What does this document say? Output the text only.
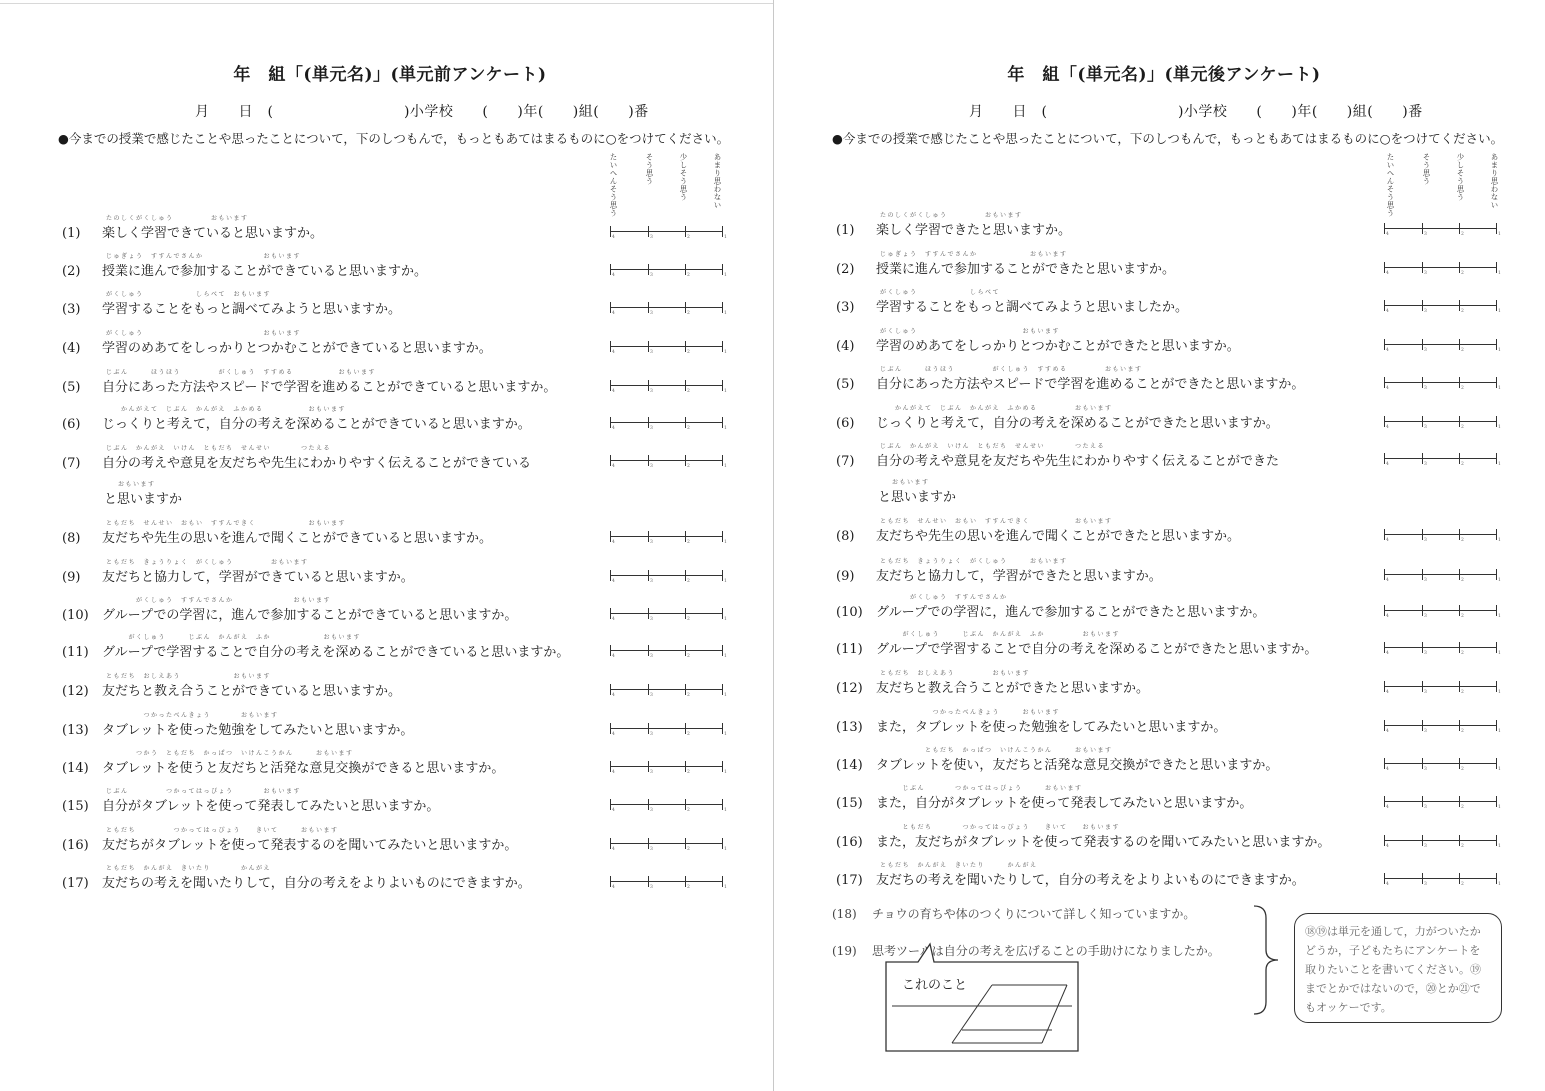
年　組「(単元名)」(単元前アンケート)
月　　日　(　　　　　　　　　)小学校　　(　　)年(　　)組(　　)番
●今までの授業で感じたことや思ったことについて，下のしつもんで，もっともあてはまるものに○をつけてください。
たいへんそう思う	そう思う	少しそう思う	あまり思わない
たのしくがくしゅう　　　　　おもいます
(1) 楽しく学習できていると思いますか。	4	3	2	1
じゅぎょう　すすんでさんか　　　　　　　　おもいます
(2) 授業に進んで参加することができていると思いますか。	4	3	2	1
がくしゅう　　　　　　　しらべて　おもいます
(3) 学習することをもっと調べてみようと思いますか。	4	3	2	1
がくしゅう　　　　　　　　　　　　　　　　おもいます
(4) 学習のめあてをしっかりとつかむことができていると思いますか。	4	3	2	1
じぶん　　　ほうほう　　　　　がくしゅう　すすめる　　　　　　おもいます
(5) 自分にあった方法やスピードで学習を進めることができていると思いますか。	4	3	2	1
　　かんがえて　じぶん　かんがえ　ふかめる　　　　　　おもいます
(6) じっくりと考えて，自分の考えを深めることができていると思いますか。	4	3	2	1
じぶん　かんがえ　いけん　ともだち　せんせい　　　　つたえる
(7) 自分の考えや意見を友だちや先生にわかりやすく伝えることができている
おもいます
と思いますか
4	3	2	1
ともだち　せんせい　おもい　すすんできく　　　　　　　おもいます
(8) 友だちや先生の思いを進んで聞くことができていると思いますか。	4	3	2	1
ともだち　きょうりょく　がくしゅう　　　　　おもいます
(9) 友だちと協力して，学習ができていると思いますか。	4	3	2	1
　　　　がくしゅう　すすんでさんか　　　　　　　　おもいます
(10) グループでの学習に，進んで参加することができていると思いますか。	4	3	2	1
　　　がくしゅう　　　じぶん　かんがえ　ふか　　　　　　　おもいます
(11) グループで学習することで自分の考えを深めることができていると思いますか。	4	3	2	1
ともだち　おしえあう　　　　　　　おもいます
(12) 友だちと教え合うことができていると思いますか。	4	3	2	1
　　　　　つかったべんきょう　　　　おもいます
(13) タブレットを使った勉強をしてみたいと思いますか。	4	3	2	1
　　　　つかう　ともだち　かっぱつ　いけんこうかん　　　おもいます
(14) タブレットを使うと友だちと活発な意見交換ができると思いますか。	4	3	2	1
じぶん　　　　　つかってはっぴょう　　　　おもいます
(15) 自分がタブレットを使って発表してみたいと思いますか。	4	3	2	1
ともだち　　　　　つかってはっぴょう　　きいて　　　おもいます
(16) 友だちがタブレットを使って発表するのを聞いてみたいと思いますか。	4	3	2	1
ともだち　かんがえ　きいたり　　　　かんがえ
(17) 友だちの考えを聞いたりして，自分の考えをよりよいものにできますか。	4	3	2	1
年　組「(単元名)」(単元後アンケート)
月　　日　(　　　　　　　　　)小学校　　(　　)年(　　)組(　　)番
●今までの授業で感じたことや思ったことについて，下のしつもんで，もっともあてはまるものに○をつけてください。
たいへんそう思う	そう思う	少しそう思う	あまり思わない
たのしくがくしゅう　　　　　おもいます
(1) 楽しく学習できたと思いますか。	4	3	2	1
じゅぎょう　すすんでさんか　　　　　　　おもいます
(2) 授業に進んで参加することができたと思いますか。	4	3	2	1
がくしゅう　　　　　　　しらべて
(3) 学習することをもっと調べてみようと思いましたか。	4	3	2	1
がくしゅう　　　　　　　　　　　　　　おもいます
(4) 学習のめあてをしっかりとつかむことができたと思いますか。	4	3	2	1
じぶん　　　ほうほう　　　　　がくしゅう　すすめる　　　　　おもいます
(5) 自分にあった方法やスピードで学習を進めることができたと思いますか。	4	3	2	1
　　かんがえて　じぶん　かんがえ　ふかめる　　　　　おもいます
(6) じっくりと考えて，自分の考えを深めることができたと思いますか。	4	3	2	1
じぶん　かんがえ　いけん　ともだち　せんせい　　　　つたえる
(7) 自分の考えや意見を友だちや先生にわかりやすく伝えることができた
おもいます
と思いますか
4	3	2	1
ともだち　せんせい　おもい　すすんできく　　　　　　おもいます
(8) 友だちや先生の思いを進んで聞くことができたと思いますか。	4	3	2	1
ともだち　きょうりょく　がくしゅう　　　おもいます
(9) 友だちと協力して，学習ができたと思いますか。	4	3	2	1
　　　　がくしゅう　すすんでさんか
(10) グループでの学習に，進んで参加することができたと思いますか。	4	3	2	1
　　　がくしゅう　　　じぶん　かんがえ　ふか　　　　　おもいます
(11) グループで学習することで自分の考えを深めることができたと思いますか。	4	3	2	1
ともだち　おしえあう　　　　　おもいます
(12) 友だちと教え合うことができたと思いますか。	4	3	2	1
　　　　　　　つかったべんきょう　　　おもいます
(13) また，タブレットを使った勉強をしてみたいと思いますか。	4	3	2	1
　　　　　　ともだち　かっぱつ　いけんこうかん　　　おもいます
(14) タブレットを使い，友だちと活発な意見交換ができたと思いますか。	4	3	2	1
　　　じぶん　　　　つかってはっぴょう　　　おもいます
(15) また，自分がタブレットを使って発表してみたいと思いますか。	4	3	2	1
　　　ともだち　　　　つかってはっぴょう　　きいて　　おもいます
(16) また，友だちがタブレットを使って発表するのを聞いてみたいと思いますか。	4	3	2	1
ともだち　かんがえ　きいたり　　　かんがえ
(17) 友だちの考えを聞いたりして，自分の考えをよりよいものにできますか。	4	3	2	1
(18) チョウの育ちや体のつくりについて詳しく知っていますか。
(19) 思考ツールは自分の考えを広げることの手助けになりましたか。
⑱⑲は単元を通して，力がついたかどうか，子どもたちにアンケートを取りたいことを書いてください。⑲までとかではないので，⑳とか㉑でもオッケーです。
これのこと
